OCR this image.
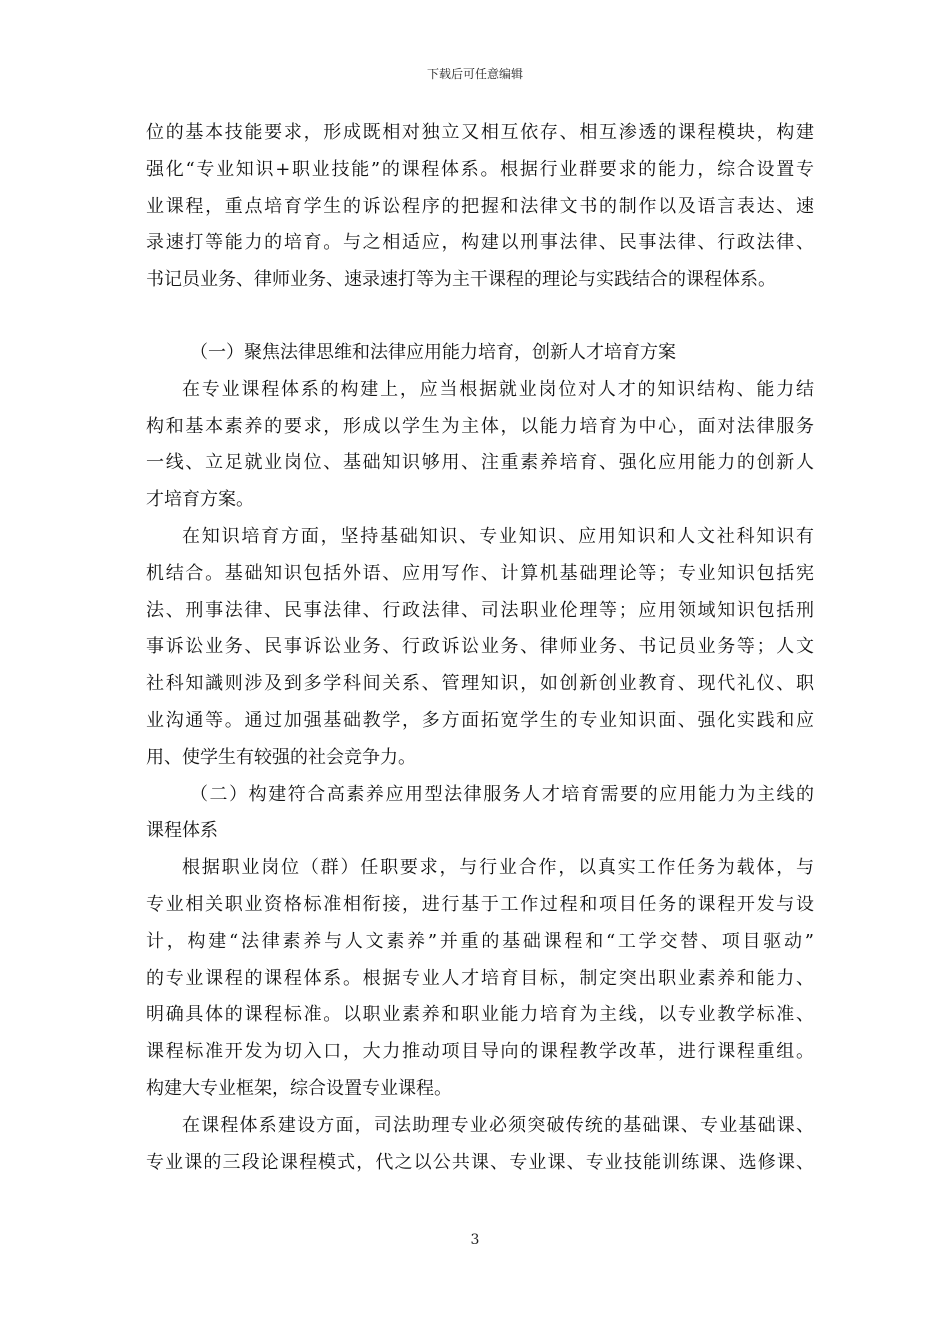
下载后可任意编辑
位的基本技能要求，形成既相对独立又相互依存、相互渗透的课程模块，构建
强化“专业知识+职业技能”的课程体系。根据行业群要求的能力，综合设置专
业课程，重点培育学生的诉讼程序的把握和法律文书的制作以及语言表达、速
录速打等能力的培育。与之相适应，构建以刑事法律、民事法律、行政法律、
书记员业务、律师业务、速录速打等为主干课程的理论与实践结合的课程体系。
（一）聚焦法律思维和法律应用能力培育，创新人才培育方案
在专业课程体系的构建上，应当根据就业岗位对人才的知识结构、能力结
构和基本素养的要求，形成以学生为主体，以能力培育为中心，面对法律服务
一线、立足就业岗位、基础知识够用、注重素养培育、强化应用能力的创新人
才培育方案。
在知识培育方面，坚持基础知识、专业知识、应用知识和人文社科知识有
机结合。基础知识包括外语、应用写作、计算机基础理论等；专业知识包括宪
法、刑事法律、民事法律、行政法律、司法职业伦理等；应用领域知识包括刑
事诉讼业务、民事诉讼业务、行政诉讼业务、律师业务、书记员业务等；人文
社科知識则涉及到多学科间关系、管理知识，如创新创业教育、现代礼仪、职
业沟通等。通过加强基础教学，多方面拓宽学生的专业知识面、强化实践和应
用、使学生有较强的社会竞争力。
（二）构建符合高素养应用型法律服务人才培育需要的应用能力为主线的
课程体系
根据职业岗位（群）任职要求，与行业合作，以真实工作任务为载体，与
专业相关职业资格标准相衔接，进行基于工作过程和项目任务的课程开发与设
计，构建“法律素养与人文素养”并重的基础课程和“工学交替、项目驱动”
的专业课程的课程体系。根据专业人才培育目标，制定突出职业素养和能力、
明确具体的课程标准。以职业素养和职业能力培育为主线，以专业教学标准、
课程标准开发为切入口，大力推动项目导向的课程教学改革，进行课程重组。
构建大专业框架，综合设置专业课程。
在课程体系建设方面，司法助理专业必须突破传统的基础课、专业基础课、
专业课的三段论课程模式，代之以公共课、专业课、专业技能训练课、选修课、
3
